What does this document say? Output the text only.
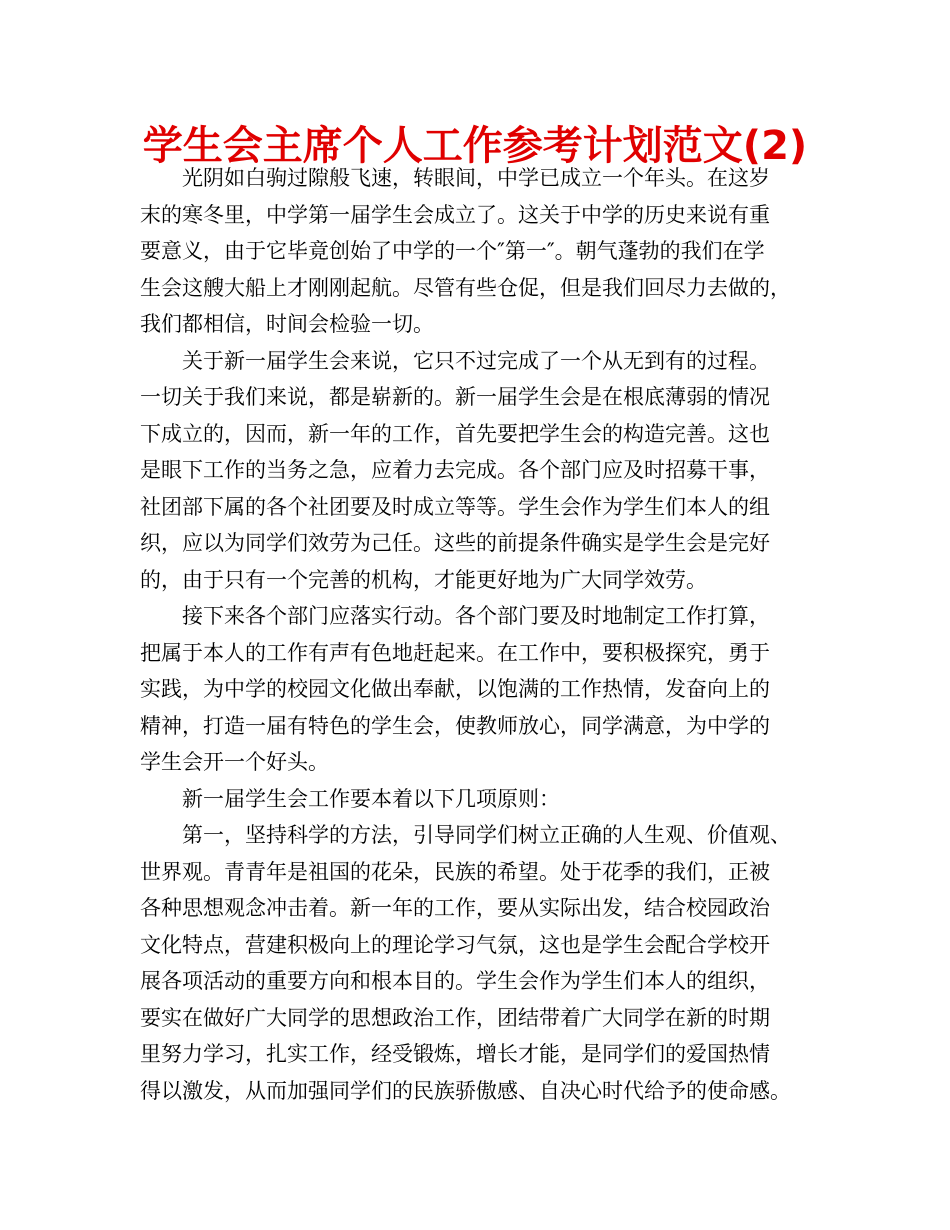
学生会主席个人工作参考计划范文(2)
光阴如白驹过隙般飞速，转眼间，中学已成立一个年头。在这岁
末的寒冬里，中学第一届学生会成立了。这关于中学的历史来说有重
要意义，由于它毕竟创始了中学的一个″第一″。朝气蓬勃的我们在学
生会这艘大船上才刚刚起航。尽管有些仓促，但是我们回尽力去做的，
我们都相信，时间会检验一切。
关于新一届学生会来说，它只不过完成了一个从无到有的过程。
一切关于我们来说，都是崭新的。新一届学生会是在根底薄弱的情况
下成立的，因而，新一年的工作，首先要把学生会的构造完善。这也
是眼下工作的当务之急，应着力去完成。各个部门应及时招募干事，
社团部下属的各个社团要及时成立等等。学生会作为学生们本人的组
织，应以为同学们效劳为己任。这些的前提条件确实是学生会是完好
的，由于只有一个完善的机构，才能更好地为广大同学效劳。
接下来各个部门应落实行动。各个部门要及时地制定工作打算，
把属于本人的工作有声有色地赶起来。在工作中，要积极探究，勇于
实践，为中学的校园文化做出奉献，以饱满的工作热情，发奋向上的
精神，打造一届有特色的学生会，使教师放心，同学满意，为中学的
学生会开一个好头。
新一届学生会工作要本着以下几项原则：
第一，坚持科学的方法，引导同学们树立正确的人生观、价值观、
世界观。青青年是祖国的花朵，民族的希望。处于花季的我们，正被
各种思想观念冲击着。新一年的工作，要从实际出发，结合校园政治
文化特点，营建积极向上的理论学习气氛，这也是学生会配合学校开
展各项活动的重要方向和根本目的。学生会作为学生们本人的组织，
要实在做好广大同学的思想政治工作，团结带着广大同学在新的时期
里努力学习，扎实工作，经受锻炼，增长才能，是同学们的爱国热情
得以激发，从而加强同学们的民族骄傲感、自决心时代给予的使命感。
